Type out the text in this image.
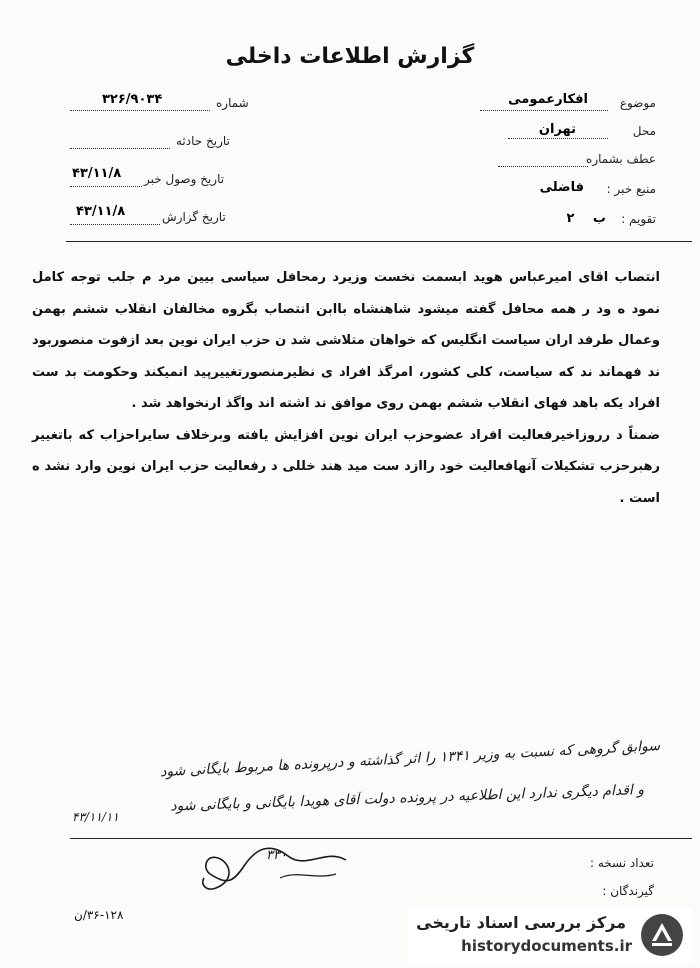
گزارش اطلاعات داخلی
شماره
۳۲۶/۹۰۳۴
تاریخ حادثه
تاریخ وصول خبر
۴۳/۱۱/۸
تاریخ گزارش
۴۳/۱۱/۸
موضوع
افکارعمومی
محل
تهران
عطف بشماره
منبع خبر :
فاضلی
تقویم :
ب ۲

انتصاب اقای امیرعباس هوید ابسمت نخست وزیرد رمحافل سیاسی بیین مرد م جلب توجه کامل نمود ه ود ر همه محافل گفته میشود شاهنشاه باابن انتصاب بگروه مخالفان انقلاب ششم بهمن وعمال طرفد اران سیاست انگلیس که خواهان متلاشی شد ن حزب ایران نوین بعد ازفوت منصوربود ند فهماند ند که سیاست، کلی کشور، امرگذ افراد ی نظیرمنصورتغییرپید انمیکند وحکومت بد ست افراد یکه باهد فهای انقلاب ششم بهمن روی موافق ند اشته اند واگذ ارنخواهد شد .

ضمناً د رروزاخیرفعالیت افراد عضوحزب ایران نوین افزایش یافته وبرخلاف سایراحزاب که باتغییر رهبرحزب تشکیلات آنهافعالیت خود راازد ست مید هند خللی د رفعالیت حزب ایران نوین وارد نشد ه است .

سوابق گروهی که نسبت به وزیر ۱۳۴۱ را اثر گذاشته و درپرونده ها مربوط بایگانی شود
و اقدام دیگری ندارد این اطلاعیه در پرونده دولت آقای هویدا بایگانی و بایگانی شود
۴۳/۱۱/۱۱
۳۳۰	تعداد نسخه :
گیرندگان :
۳۶-۱۲۸/ن	مرکز بررسی اسناد تاریخی
historydocuments.ir
